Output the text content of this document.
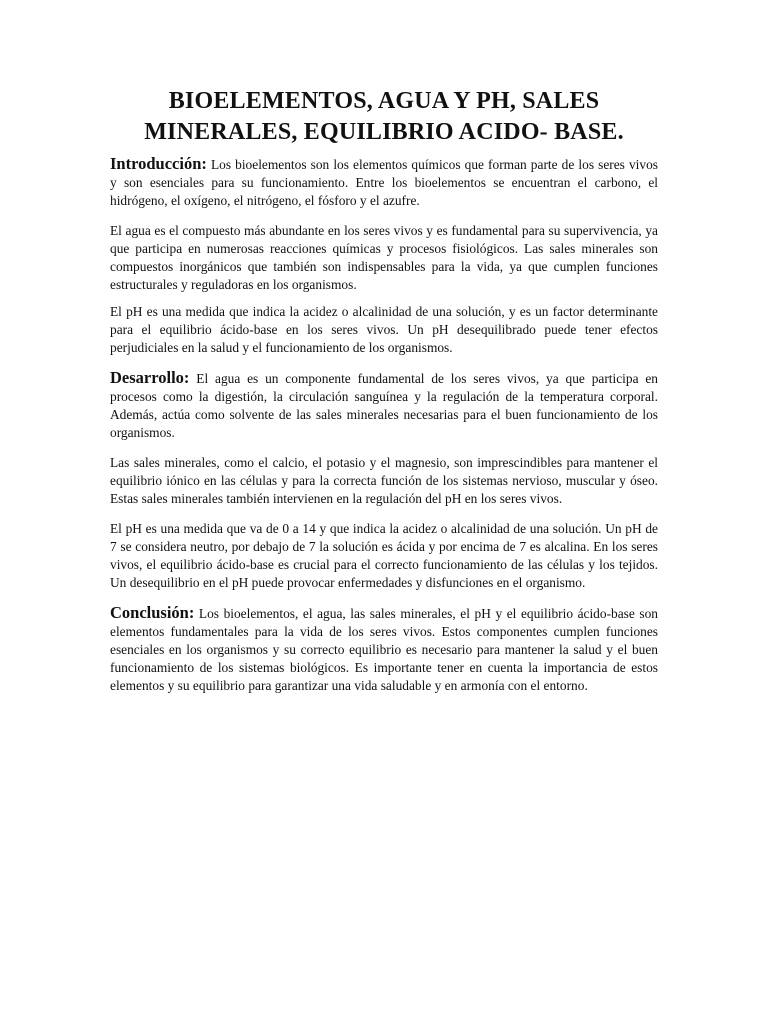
BIOELEMENTOS, AGUA Y PH, SALES MINERALES, EQUILIBRIO ACIDO- BASE.

Introducción: Los bioelementos son los elementos químicos que forman parte de los seres vivos y son esenciales para su funcionamiento. Entre los bioelementos se encuentran el carbono, el hidrógeno, el oxígeno, el nitrógeno, el fósforo y el azufre.

El agua es el compuesto más abundante en los seres vivos y es fundamental para su supervivencia, ya que participa en numerosas reacciones químicas y procesos fisiológicos. Las sales minerales son compuestos inorgánicos que también son indispensables para la vida, ya que cumplen funciones estructurales y reguladoras en los organismos.

El pH es una medida que indica la acidez o alcalinidad de una solución, y es un factor determinante para el equilibrio ácido-base en los seres vivos. Un pH desequilibrado puede tener efectos perjudiciales en la salud y el funcionamiento de los organismos.

Desarrollo: El agua es un componente fundamental de los seres vivos, ya que participa en procesos como la digestión, la circulación sanguínea y la regulación de la temperatura corporal. Además, actúa como solvente de las sales minerales necesarias para el buen funcionamiento de los organismos.

Las sales minerales, como el calcio, el potasio y el magnesio, son imprescindibles para mantener el equilibrio iónico en las células y para la correcta función de los sistemas nervioso, muscular y óseo. Estas sales minerales también intervienen en la regulación del pH en los seres vivos.

El pH es una medida que va de 0 a 14 y que indica la acidez o alcalinidad de una solución. Un pH de 7 se considera neutro, por debajo de 7 la solución es ácida y por encima de 7 es alcalina. En los seres vivos, el equilibrio ácido-base es crucial para el correcto funcionamiento de las células y los tejidos. Un desequilibrio en el pH puede provocar enfermedades y disfunciones en el organismo.

Conclusión: Los bioelementos, el agua, las sales minerales, el pH y el equilibrio ácido-base son elementos fundamentales para la vida de los seres vivos. Estos componentes cumplen funciones esenciales en los organismos y su correcto equilibrio es necesario para mantener la salud y el buen funcionamiento de los sistemas biológicos. Es importante tener en cuenta la importancia de estos elementos y su equilibrio para garantizar una vida saludable y en armonía con el entorno.
